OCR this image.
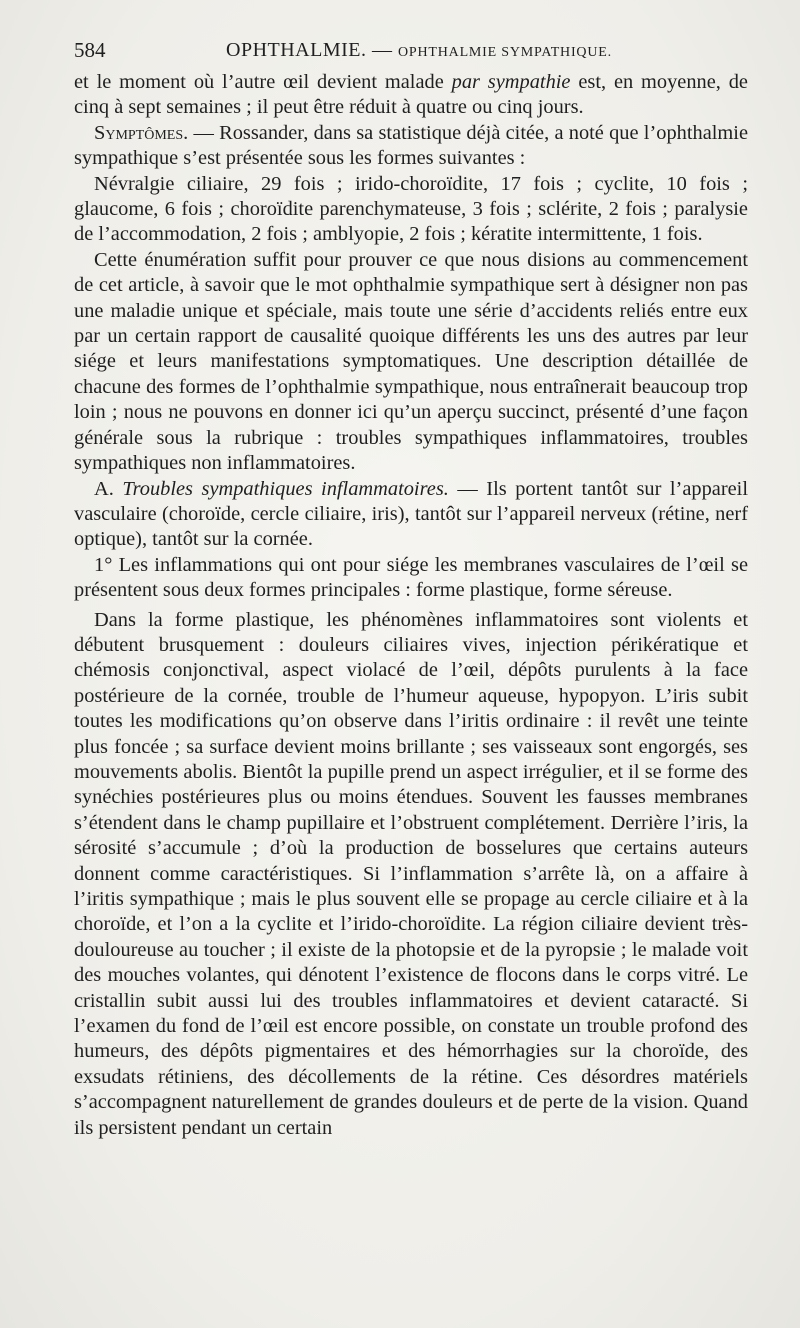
584	OPHTHALMIE. — OPHTHALMIE SYMPATHIQUE.

et le moment où l’autre œil devient malade par sympathie est, en moyenne, de cinq à sept semaines ; il peut être réduit à quatre ou cinq jours.

Symptômes. — Rossander, dans sa statistique déjà citée, a noté que l’ophthalmie sympathique s’est présentée sous les formes suivantes :

Névralgie ciliaire, 29 fois ; irido-choroïdite, 17 fois ; cyclite, 10 fois ; glaucome, 6 fois ; choroïdite parenchymateuse, 3 fois ; sclérite, 2 fois ; paralysie de l’accommodation, 2 fois ; amblyopie, 2 fois ; kératite intermittente, 1 fois.

Cette énumération suffit pour prouver ce que nous disions au commencement de cet article, à savoir que le mot ophthalmie sympathique sert à désigner non pas une maladie unique et spéciale, mais toute une série d’accidents reliés entre eux par un certain rapport de causalité quoique différents les uns des autres par leur siége et leurs manifestations symptomatiques. Une description détaillée de chacune des formes de l’ophthalmie sympathique, nous entraînerait beaucoup trop loin ; nous ne pouvons en donner ici qu’un aperçu succinct, présenté d’une façon générale sous la rubrique : troubles sympathiques inflammatoires, troubles sympathiques non inflammatoires.

A. Troubles sympathiques inflammatoires. — Ils portent tantôt sur l’appareil vasculaire (choroïde, cercle ciliaire, iris), tantôt sur l’appareil nerveux (rétine, nerf optique), tantôt sur la cornée.

1° Les inflammations qui ont pour siége les membranes vasculaires de l’œil se présentent sous deux formes principales : forme plastique, forme séreuse.

Dans la forme plastique, les phénomènes inflammatoires sont violents et débutent brusquement : douleurs ciliaires vives, injection périkératique et chémosis conjonctival, aspect violacé de l’œil, dépôts purulents à la face postérieure de la cornée, trouble de l’humeur aqueuse, hypopyon. L’iris subit toutes les modifications qu’on observe dans l’iritis ordinaire : il revêt une teinte plus foncée ; sa surface devient moins brillante ; ses vaisseaux sont engorgés, ses mouvements abolis. Bientôt la pupille prend un aspect irrégulier, et il se forme des synéchies postérieures plus ou moins étendues. Souvent les fausses membranes s’étendent dans le champ pupillaire et l’obstruent complétement. Derrière l’iris, la sérosité s’accumule ; d’où la production de bosselures que certains auteurs donnent comme caractéristiques. Si l’inflammation s’arrête là, on a affaire à l’iritis sympathique ; mais le plus souvent elle se propage au cercle ciliaire et à la choroïde, et l’on a la cyclite et l’irido-choroïdite. La région ciliaire devient très-douloureuse au toucher ; il existe de la photopsie et de la pyropsie ; le malade voit des mouches volantes, qui dénotent l’existence de flocons dans le corps vitré. Le cristallin subit aussi lui des troubles inflammatoires et devient cataracté. Si l’examen du fond de l’œil est encore possible, on constate un trouble profond des humeurs, des dépôts pigmentaires et des hémorrhagies sur la choroïde, des exsudats rétiniens, des décollements de la rétine. Ces désordres matériels s’accompagnent naturellement de grandes douleurs et de perte de la vision. Quand ils persistent pendant un certain
